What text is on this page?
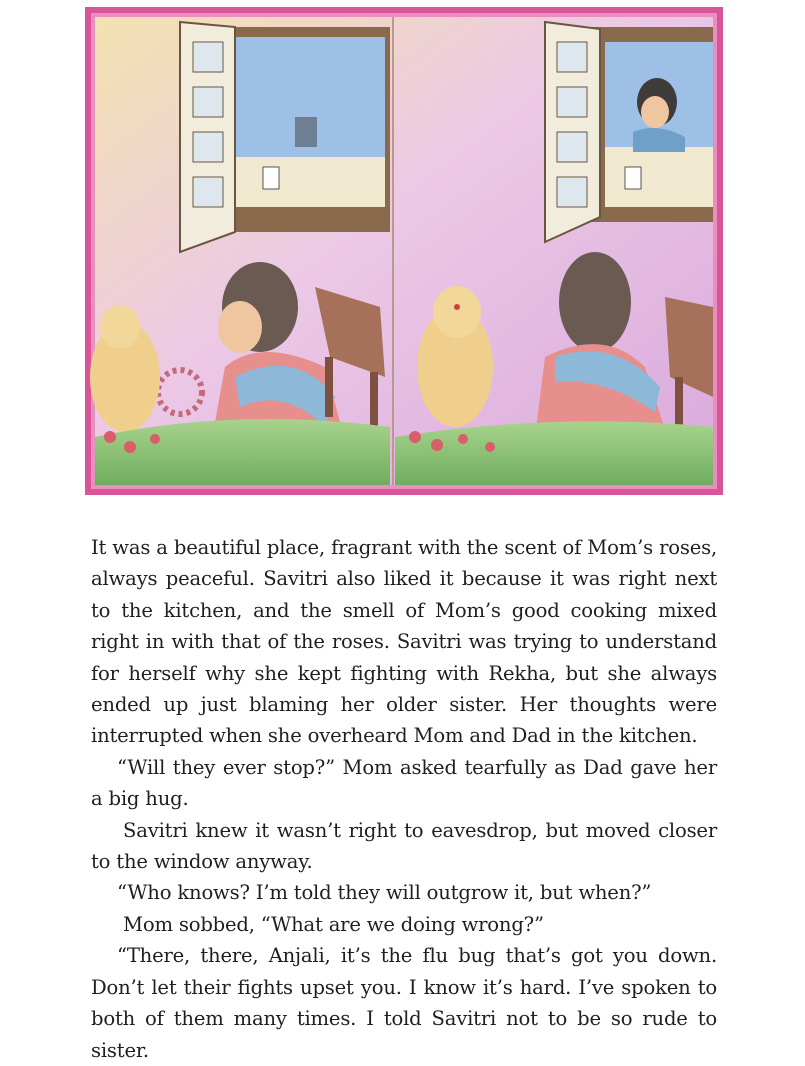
It was a beautiful place, fragrant with the scent of Mom’s roses, always peaceful. Savitri also liked it because it was right next to the kitchen, and the smell of Mom’s good cooking mixed right in with that of the roses. Savitri was trying to understand for herself why she kept fighting with Rekha, but she always ended up just blaming her older sister. Her thoughts were interrupted when she overheard Mom and Dad in the kitchen.

“Will they ever stop?” Mom asked tearfully as Dad gave her a big hug.

Savitri knew it wasn’t right to eavesdrop, but moved closer to the window anyway.

“Who knows? I’m told they will outgrow it, but when?”

Mom sobbed, “What are we doing wrong?”

“There, there, Anjali, it’s the flu bug that’s got you down. Don’t let their fights upset you. I know it’s hard. I’ve spoken to both of them many times. I told Savitri not to be so rude to sister.
